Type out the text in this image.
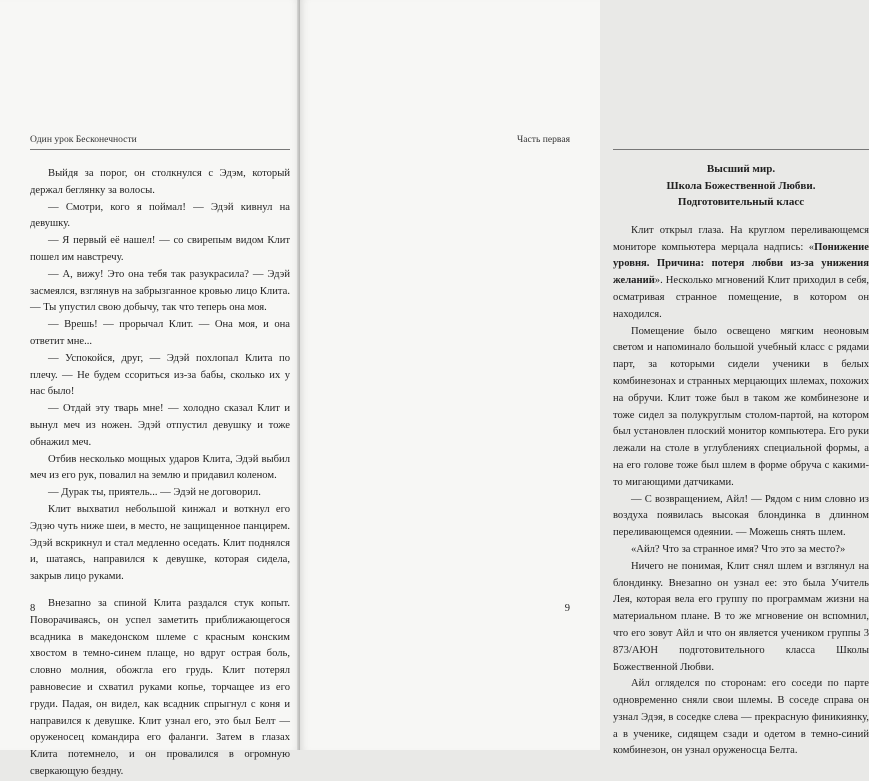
Один урок Бесконечности

Выйдя за порог, он столкнулся с Эдэм, который держал беглянку за волосы.

— Смотри, кого я поймал! — Эдэй кивнул на девушку.

— Я первый её нашел! — со свирепым видом Клит пошел им навстречу.

— А, вижу! Это она тебя так разукрасила? — Эдэй засмеялся, взглянув на забрызганное кровью лицо Клита. — Ты упустил свою добычу, так что теперь она моя.

— Врешь! — прорычал Клит. — Она моя, и она ответит мне...

— Успокойся, друг, — Эдэй похлопал Клита по плечу. — Не будем ссориться из-за бабы, сколько их у нас было!

— Отдай эту тварь мне! — холодно сказал Клит и вынул меч из ножен. Эдэй отпустил девушку и тоже обнажил меч.

Отбив несколько мощных ударов Клита, Эдэй выбил меч из его рук, повалил на землю и придавил коленом.

— Дурак ты, приятель... — Эдэй не договорил.

Клит выхватил небольшой кинжал и воткнул его Эдэю чуть ниже шеи, в место, не защищенное панцирем. Эдэй вскрикнул и стал медленно оседать. Клит поднялся и, шатаясь, направился к девушке, которая сидела, закрыв лицо руками.

Внезапно за спиной Клита раздался стук копыт. Поворачиваясь, он успел заметить приближающегося всадника в македонском шлеме с красным конским хвостом в темно-синем плаще, но вдруг острая боль, словно молния, обожгла его грудь. Клит потерял равновесие и схватил руками копье, торчащее из его груди. Падая, он видел, как всадник спрыгнул с коня и направился к девушке. Клит узнал его, это был Белт — оруженосец командира его фаланги. Затем в глазах Клита потемнело, и он провалился в огромную сверкающую бездну.

8
Часть первая
Высший мир.
Школа Божественной Любви.
Подготовительный класс

Клит открыл глаза. На круглом переливающемся мониторе компьютера мерцала надпись: «Понижение уровня. Причина: потеря любви из-за унижения желаний». Несколько мгновений Клит приходил в себя, осматривая странное помещение, в котором он находился.

Помещение было освещено мягким неоновым светом и напоминало большой учебный класс с рядами парт, за которыми сидели ученики в белых комбинезонах и странных мерцающих шлемах, похожих на обручи. Клит тоже был в таком же комбинезоне и тоже сидел за полукруглым столом-партой, на котором был установлен плоский монитор компьютера. Его руки лежали на столе в углублениях специальной формы, а на его голове тоже был шлем в форме обруча с какими-то мигающими датчиками.

— С возвращением, Айл! — Рядом с ним словно из воздуха появилась высокая блондинка в длинном переливающемся одеянии. — Можешь снять шлем.

«Айл? Что за странное имя? Что это за место?»

Ничего не понимая, Клит снял шлем и взглянул на блондинку. Внезапно он узнал ее: это была Учитель Лея, которая вела его группу по программам жизни на материальном плане. В то же мгновение он вспомнил, что его зовут Айл и что он является учеником группы 3 873/АЮН подготовительного класса Школы Божественной Любви.

Айл огляделся по сторонам: его соседи по парте одновременно сняли свои шлемы. В соседе справа он узнал Эдэя, в соседке слева — прекрасную финикиянку, а в ученике, сидящем сзади и одетом в темно-синий комбинезон, он узнал оруженосца Белта.

9
